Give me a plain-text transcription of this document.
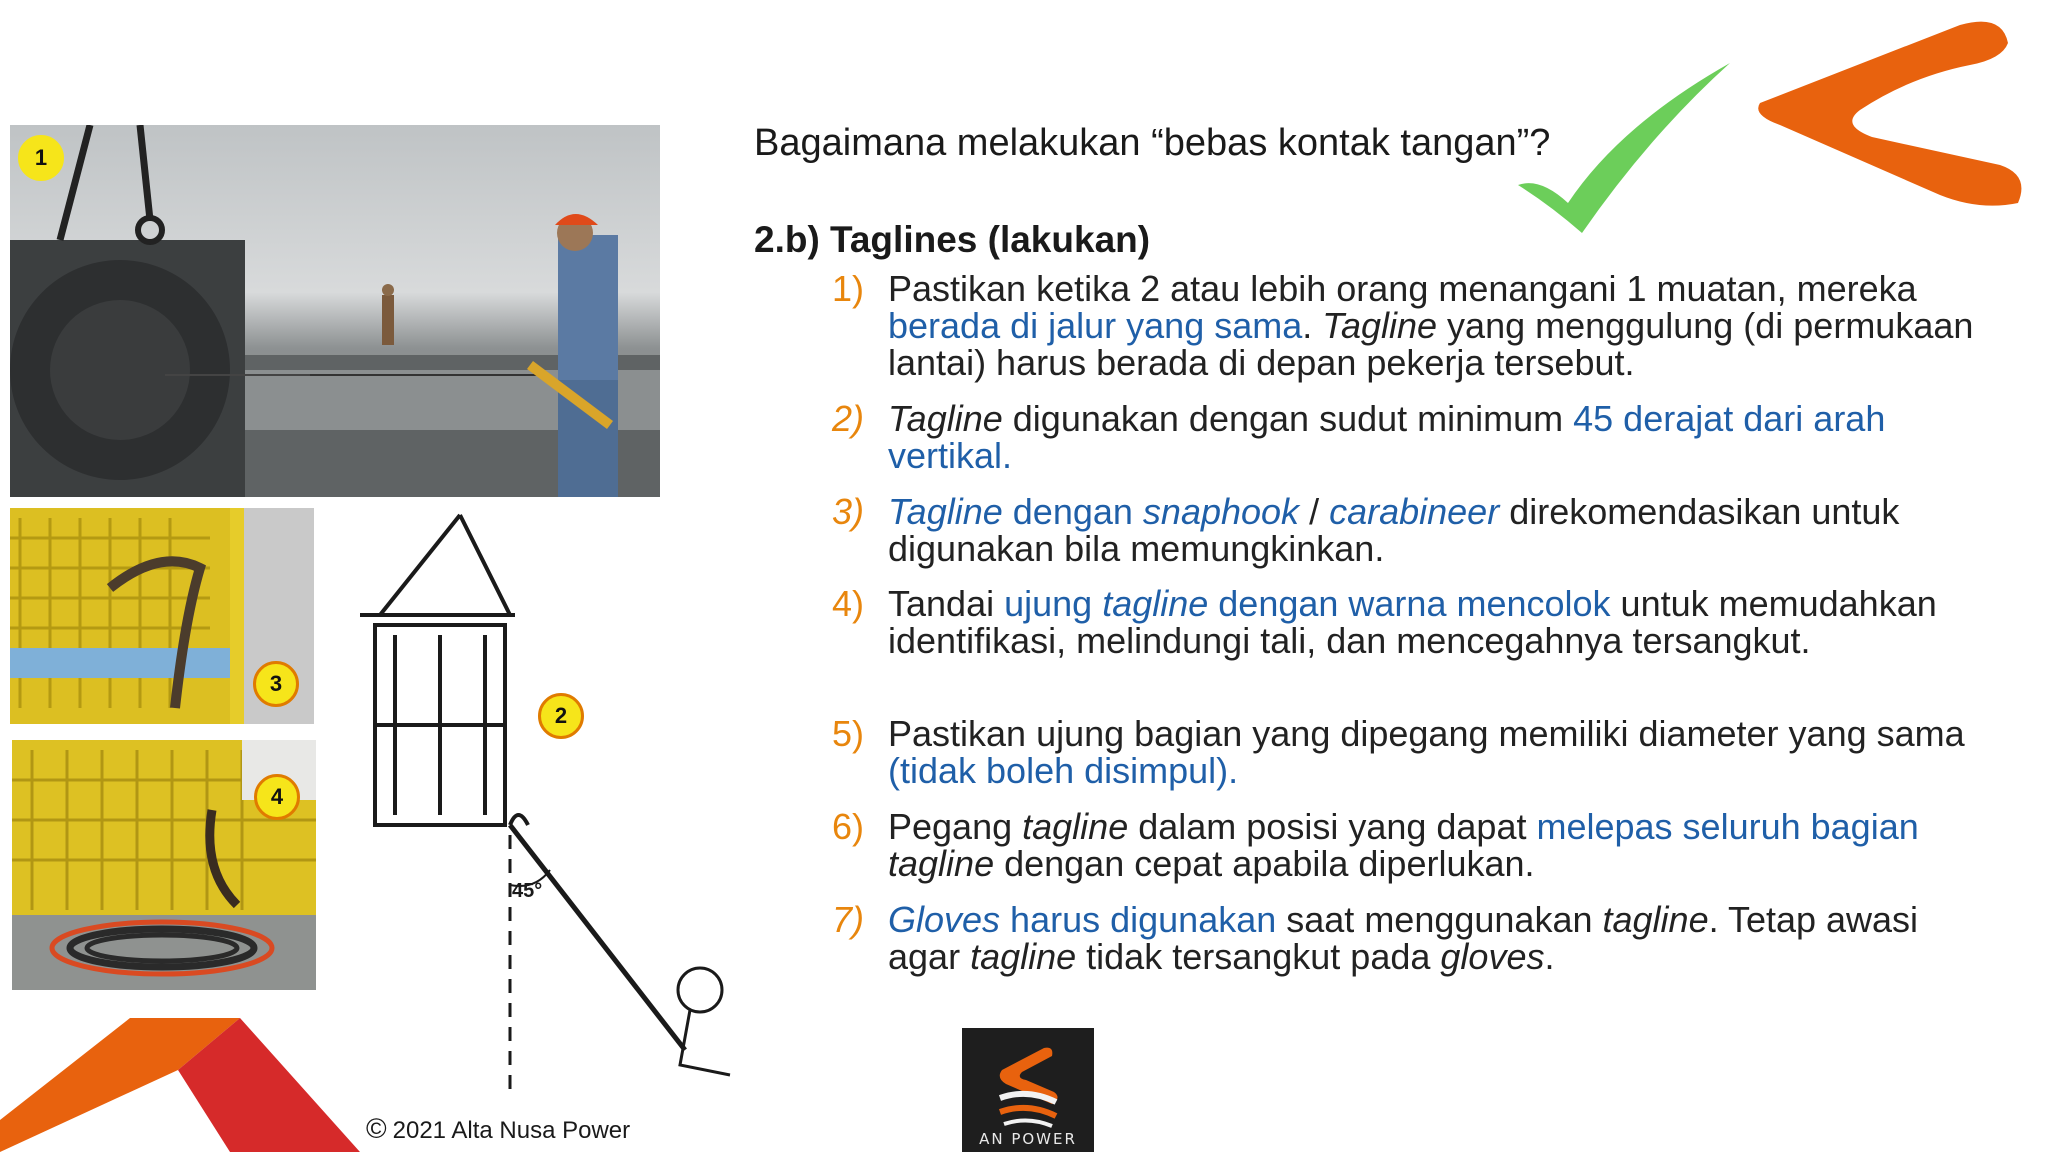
Bagaimana melakukan “bebas kontak tangan”?
2.b) Taglines (lakukan)
1) Pastikan ketika 2 atau lebih orang menangani 1 muatan, mereka berada di jalur yang sama. Tagline yang menggulung (di permukaan lantai) harus berada di depan pekerja tersebut.
2) Tagline digunakan dengan sudut minimum 45 derajat dari arah vertikal.
3) Tagline dengan snaphook / carabineer direkomendasikan untuk digunakan bila memungkinkan.
4) Tandai ujung tagline dengan warna mencolok untuk memudahkan identifikasi, melindungi tali, dan mencegahnya tersangkut.
5) Pastikan ujung bagian yang dipegang memiliki diameter yang sama (tidak boleh disimpul).
6) Pegang tagline dalam posisi yang dapat melepas seluruh bagian tagline dengan cepat apabila diperlukan.
7) Gloves harus digunakan saat menggunakan tagline. Tetap awasi agar tagline tidak tersangkut pada gloves.
1
3
4
45°
2
© 2021 Alta Nusa Power	AN POWER
